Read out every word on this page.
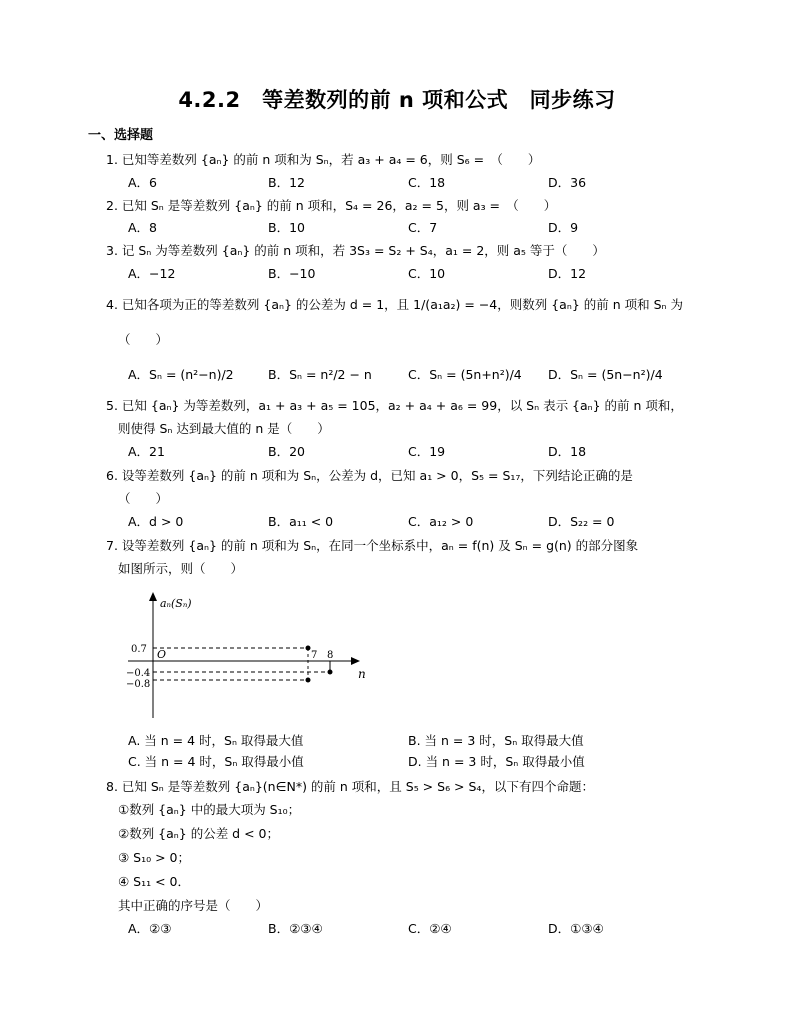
4.2.2　等差数列的前 n 项和公式　同步练习
一、选择题
1. 已知等差数列 {aₙ} 的前 n 项和为 Sₙ，若 a₃ + a₄ = 6，则 S₆ =　（　　）
A．6	B．12	C．18	D．36
2. 已知 Sₙ 是等差数列 {aₙ} 的前 n 项和，S₄ = 26，a₂ = 5，则 a₃ =　（　　）
A．8	B．10	C．7	D．9
3. 记 Sₙ 为等差数列 {aₙ} 的前 n 项和，若 3S₃ = S₂ + S₄，a₁ = 2，则 a₅ 等于（　　）
A．−12	B．−10	C．10	D．12
4. 已知各项为正的等差数列 {aₙ} 的公差为 d = 1，且 1/(a₁a₂) = −4，则数列 {aₙ} 的前 n 项和 Sₙ 为
（　　）
A．Sₙ = (n²−n)/2	B．Sₙ = n²/2 − n	C．Sₙ = (5n+n²)/4 D．Sₙ = (5n−n²)/4
5. 已知 {aₙ} 为等差数列，a₁ + a₃ + a₅ = 105，a₂ + a₄ + a₆ = 99，以 Sₙ 表示 {aₙ} 的前 n 项和，
则使得 Sₙ 达到最大值的 n 是（　　）
A．21	B．20	C．19	D．18
6. 设等差数列 {aₙ} 的前 n 项和为 Sₙ，公差为 d，已知 a₁ > 0，S₅ = S₁₇，下列结论正确的是
（　　）
A．d > 0	B．a₁₁ < 0	C．a₁₂ > 0	D．S₂₂ = 0
7. 设等差数列 {aₙ} 的前 n 项和为 Sₙ，在同一个坐标系中，aₙ = f(n) 及 Sₙ = g(n) 的部分图象
如图所示，则（　　）
aₙ(Sₙ)
n
O
0.7
−0.4
−0.8
7 8
A. 当 n = 4 时，Sₙ 取得最大值	B. 当 n = 3 时，Sₙ 取得最大值
C. 当 n = 4 时，Sₙ 取得最小值	D. 当 n = 3 时，Sₙ 取得最小值
8. 已知 Sₙ 是等差数列 {aₙ}(n∈N*) 的前 n 项和，且 S₅ > S₆ > S₄，以下有四个命题：
①数列 {aₙ} 中的最大项为 S₁₀；
②数列 {aₙ} 的公差 d < 0；
③ S₁₀ > 0；
④ S₁₁ < 0．
其中正确的序号是（　　）
A．②③	B．②③④	C．②④	D．①③④
